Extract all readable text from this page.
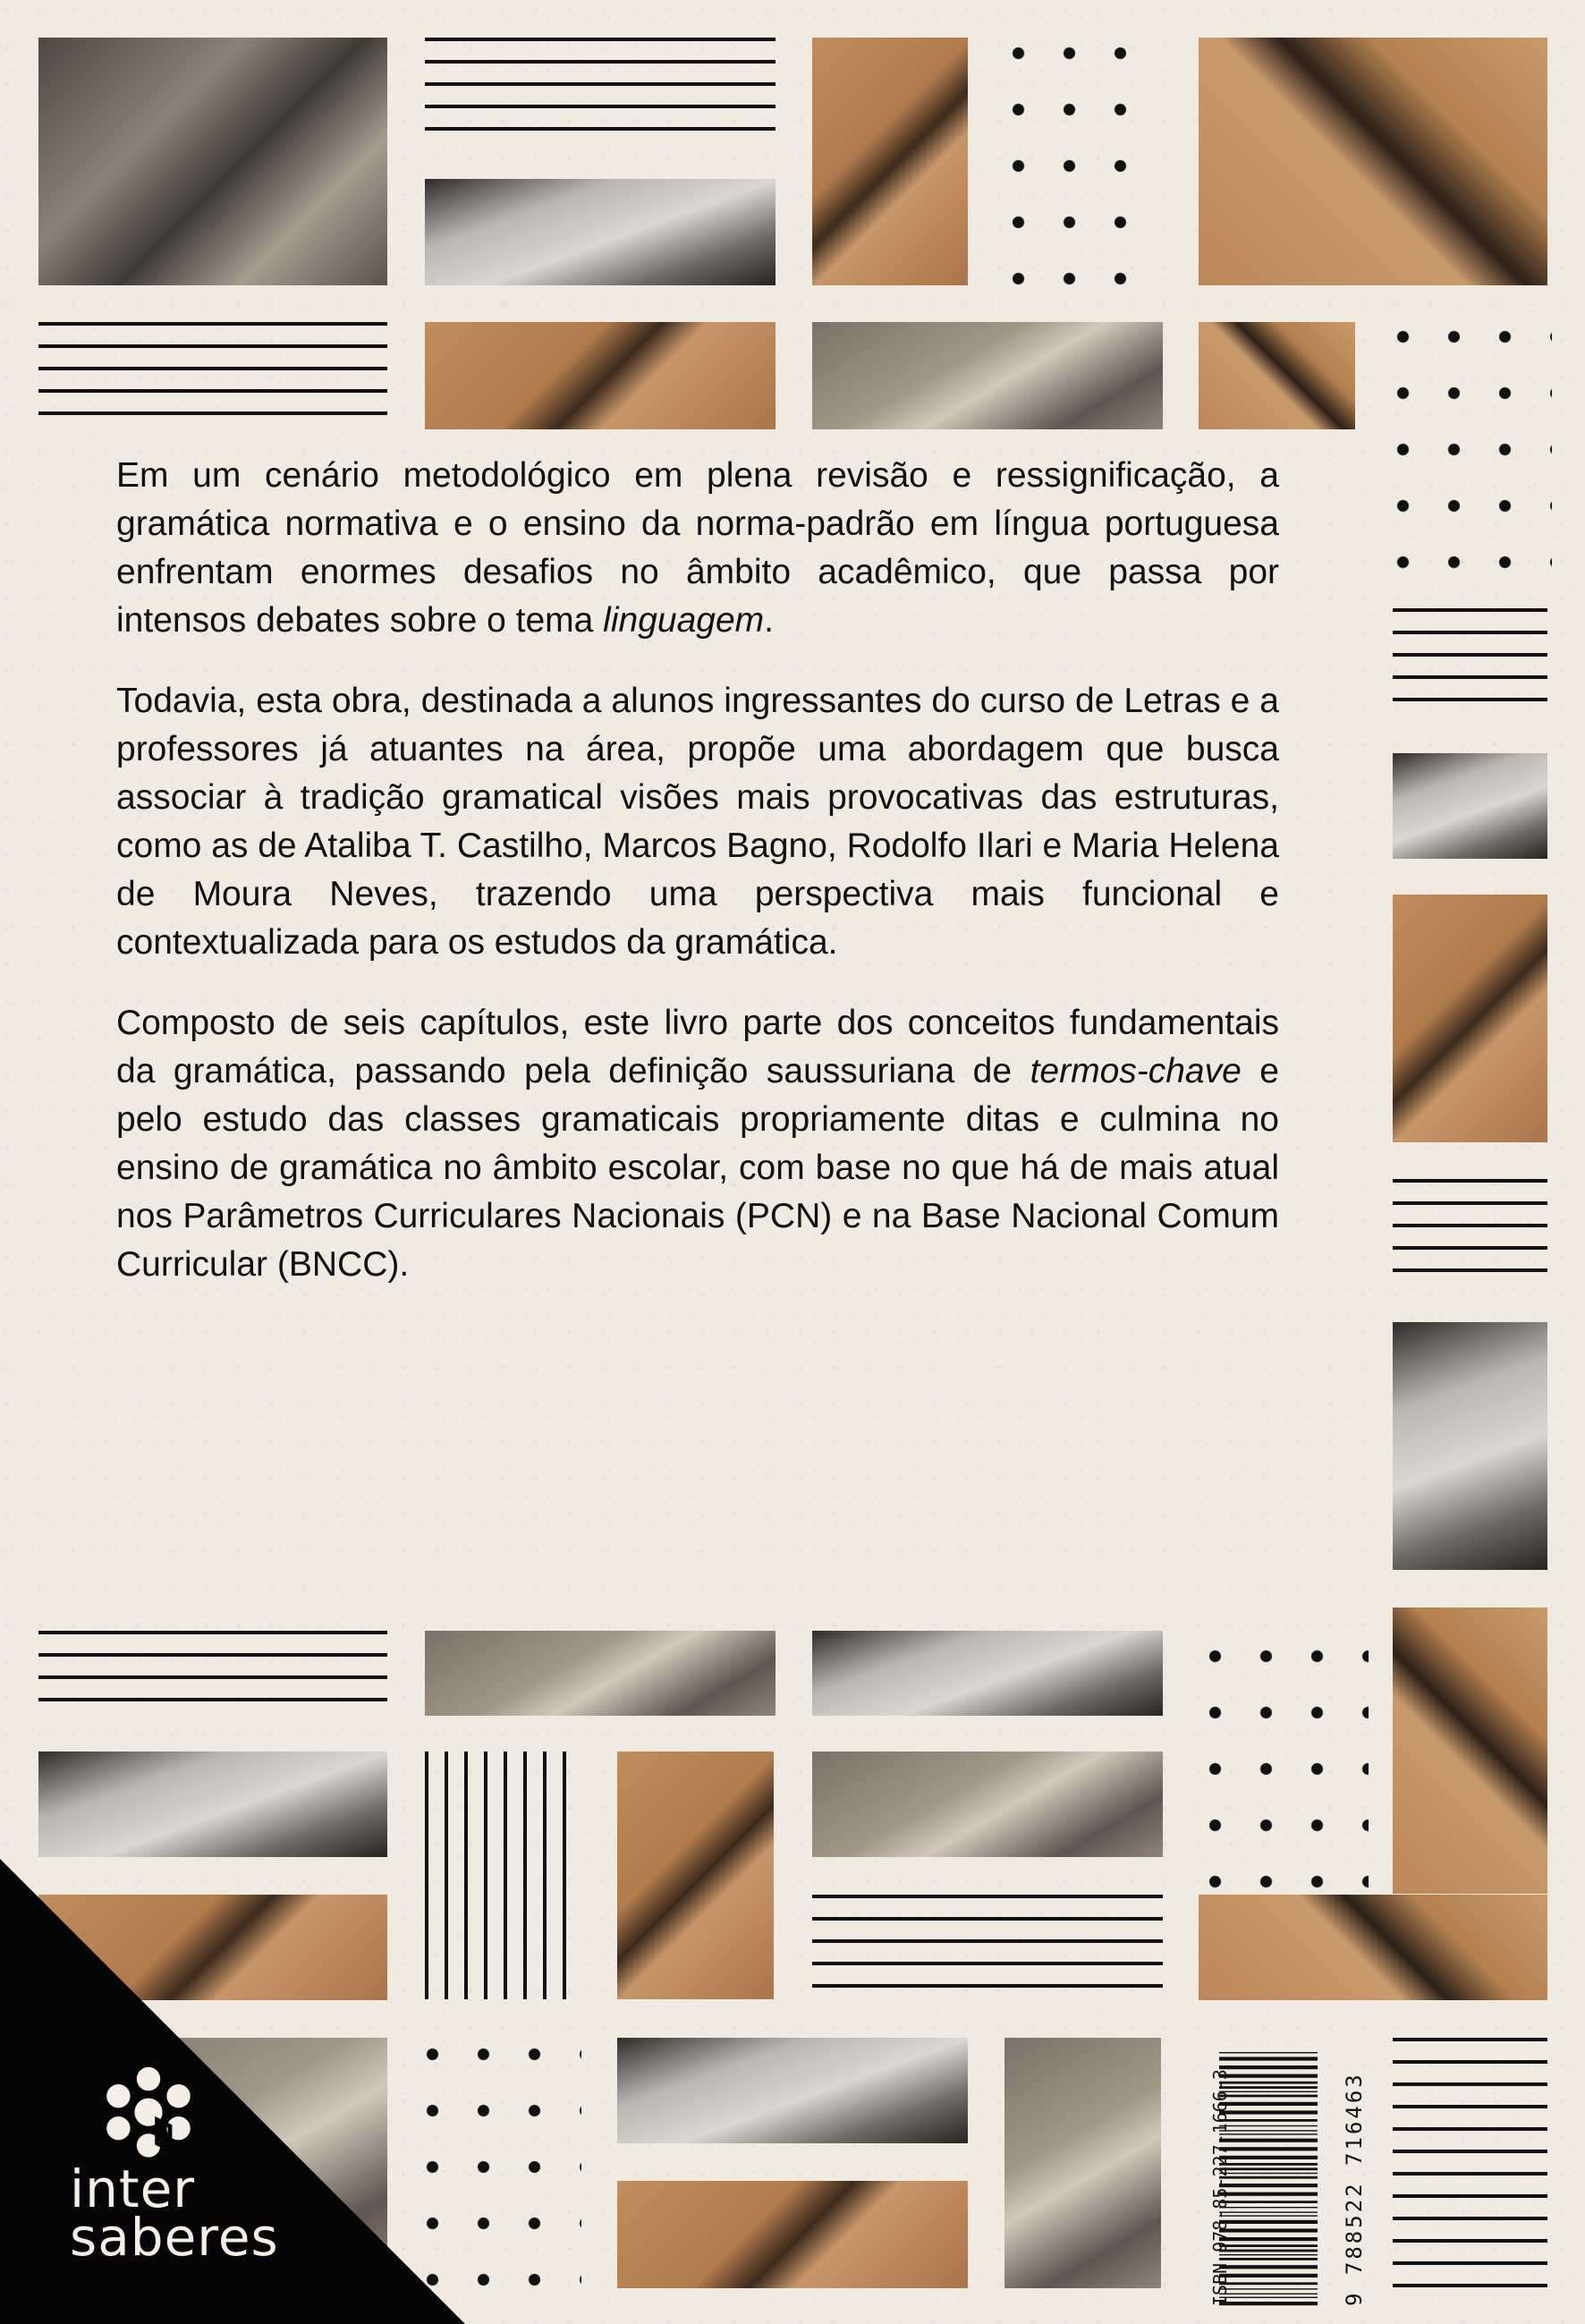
Em um cenário metodológico em plena revisão e ressignificação, a gramática normativa e o ensino da norma-padrão em língua portuguesa enfrentam enormes desafios no âmbito acadêmico, que passa por intensos debates sobre o tema linguagem.

Todavia, esta obra, destinada a alunos ingressantes do curso de Letras e a professores já atuantes na área, propõe uma abordagem que busca associar à tradição gramatical visões mais provocativas das estruturas, como as de Ataliba T. Castilho, Marcos Bagno, Rodolfo Ilari e Maria Helena de Moura Neves, trazendo uma perspectiva mais funcional e contextualizada para os estudos da gramática.

Composto de seis capítulos, este livro parte dos conceitos fundamentais da gramática, passando pela definição saussuriana de termos-chave e pelo estudo das classes gramaticais propriamente ditas e culmina no ensino de gramática no âmbito escolar, com base no que há de mais atual nos Parâmetros Curriculares Nacionais (PCN) e na Base Nacional Comum Curricular (BNCC).

inter
saberes	ISBN 978-85-227-1666-3	9 788522 716463
